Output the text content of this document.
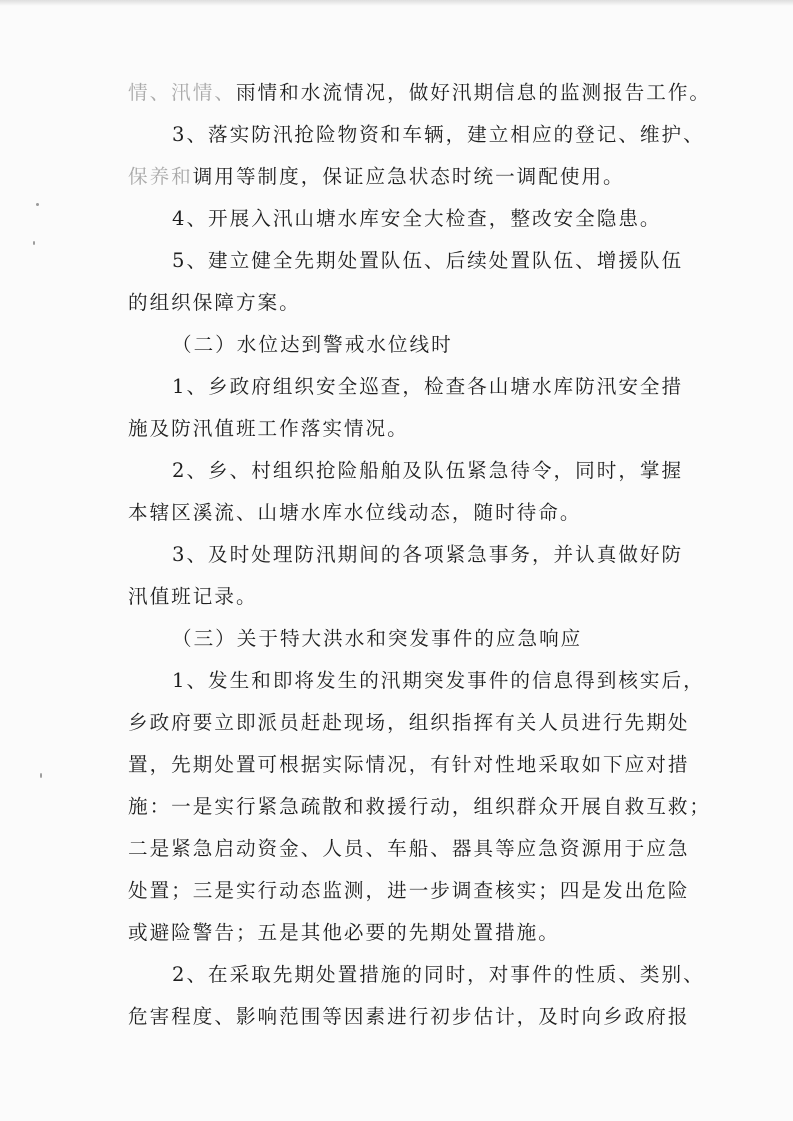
情、汛情、雨情和水流情况，做好汛期信息的监测报告工作。
3、落实防汛抢险物资和车辆，建立相应的登记、维护、
保养和调用等制度，保证应急状态时统一调配使用。
4、开展入汛山塘水库安全大检查，整改安全隐患。
5、建立健全先期处置队伍、后续处置队伍、增援队伍
的组织保障方案。
（二）水位达到警戒水位线时
1、乡政府组织安全巡查，检查各山塘水库防汛安全措
施及防汛值班工作落实情况。
2、乡、村组织抢险船舶及队伍紧急待令，同时，掌握
本辖区溪流、山塘水库水位线动态，随时待命。
3、及时处理防汛期间的各项紧急事务，并认真做好防
汛值班记录。
（三）关于特大洪水和突发事件的应急响应
1、发生和即将发生的汛期突发事件的信息得到核实后，
乡政府要立即派员赶赴现场，组织指挥有关人员进行先期处
置，先期处置可根据实际情况，有针对性地采取如下应对措
施：一是实行紧急疏散和救援行动，组织群众开展自救互救；
二是紧急启动资金、人员、车船、器具等应急资源用于应急
处置；三是实行动态监测，进一步调查核实；四是发出危险
或避险警告；五是其他必要的先期处置措施。
2、在采取先期处置措施的同时，对事件的性质、类别、
危害程度、影响范围等因素进行初步估计，及时向乡政府报
